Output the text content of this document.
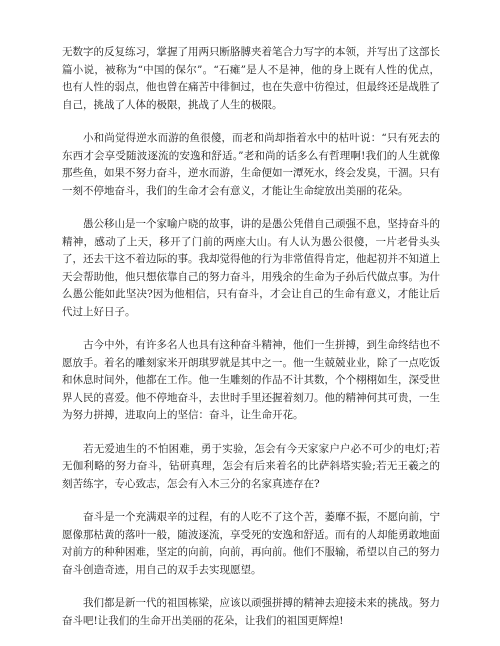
无数字的反复练习，掌握了用两只断胳膊夹着笔合力写字的本领，并写出了这部长篇小说，被称为“中国的保尔”。“石瘫”是人不是神，他的身上既有人性的优点，也有人性的弱点，他也曾在痛苦中徘徊过，也在失意中彷徨过，但最终还是战胜了自己，挑战了人体的极限，挑战了人生的极限。

小和尚觉得逆水而游的鱼很傻，而老和尚却指着水中的枯叶说：“只有死去的东西才会享受随波逐流的安逸和舒适。”老和尚的话多么有哲理啊!我们的人生就像那些鱼，如果不努力奋斗，逆水而游，生命便如一潭死水，终会发臭，干涸。只有一刻不停地奋斗，我们的生命才会有意义，才能让生命绽放出美丽的花朵。

愚公移山是一个家喻户晓的故事，讲的是愚公凭借自己顽强不息，坚持奋斗的精神，感动了上天，移开了门前的两座大山。有人认为愚公很傻，一片老骨头头了，还去干这不着边际的事。我却觉得他的行为非常值得肯定，他起初并不知道上天会帮助他，他只想依靠自己的努力奋斗，用残余的生命为子孙后代做点事。为什么愚公能如此坚决?因为他相信，只有奋斗，才会让自己的生命有意义，才能让后代过上好日子。

古今中外，有许多名人也具有这种奋斗精神，他们一生拼搏，到生命终结也不愿放手。着名的雕刻家米开朗琪罗就是其中之一。他一生兢兢业业，除了一点吃饭和休息时间外，他都在工作。他一生雕刻的作品不计其数，个个栩栩如生，深受世界人民的喜爱。他不停地奋斗，去世时手里还握着刻刀。他的精神何其可贵，一生为努力拼搏，进取向上的坚信：奋斗，让生命开花。

若无爱迪生的不怕困难，勇于实验，怎会有今天家家户户必不可少的电灯;若无伽利略的努力奋斗，钻研真理，怎会有后来着名的比萨斜塔实验;若无王羲之的刻苦练字，专心致志，怎会有入木三分的名家真迹存在?

奋斗是一个充满艰辛的过程，有的人吃不了这个苦，萎靡不振，不愿向前，宁愿像那枯黄的落叶一般，随波逐流，享受死的安逸和舒适。而有的人却能勇敢地面对前方的种种困难，坚定的向前，向前，再向前。他们不服输，希望以自己的努力奋斗创造奇迹，用自己的双手去实现愿望。

我们都是新一代的祖国栋梁，应该以顽强拼搏的精神去迎接未来的挑战。努力奋斗吧!让我们的生命开出美丽的花朵，让我们的祖国更辉煌!
